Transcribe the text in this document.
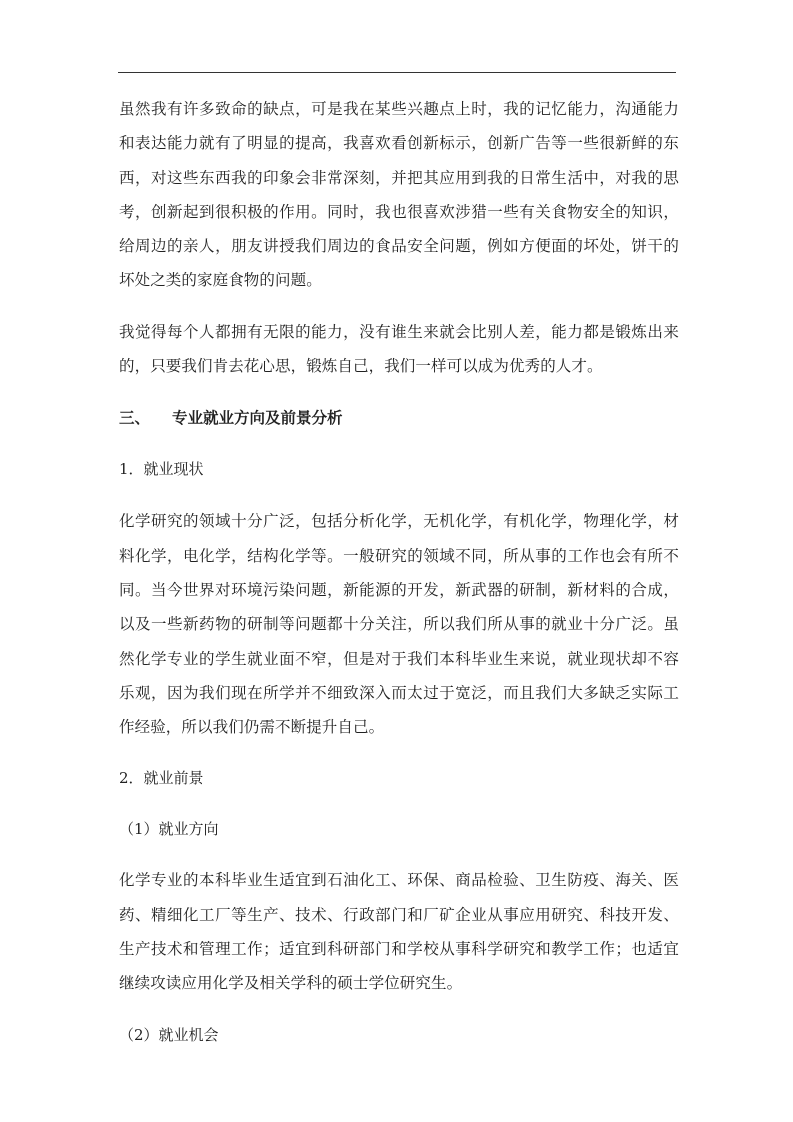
虽然我有许多致命的缺点，可是我在某些兴趣点上时，我的记忆能力，沟通能力和表达能力就有了明显的提高，我喜欢看创新标示，创新广告等一些很新鲜的东西，对这些东西我的印象会非常深刻，并把其应用到我的日常生活中，对我的思考，创新起到很积极的作用。同时，我也很喜欢涉猎一些有关食物安全的知识，给周边的亲人，朋友讲授我们周边的食品安全问题，例如方便面的坏处，饼干的坏处之类的家庭食物的问题。

我觉得每个人都拥有无限的能力，没有谁生来就会比别人差，能力都是锻炼出来的，只要我们肯去花心思，锻炼自己，我们一样可以成为优秀的人才。

三、 专业就业方向及前景分析

1．就业现状

化学研究的领域十分广泛，包括分析化学，无机化学，有机化学，物理化学，材料化学，电化学，结构化学等。一般研究的领域不同，所从事的工作也会有所不同。当今世界对环境污染问题，新能源的开发，新武器的研制，新材料的合成，以及一些新药物的研制等问题都十分关注，所以我们所从事的就业十分广泛。虽然化学专业的学生就业面不窄，但是对于我们本科毕业生来说，就业现状却不容乐观，因为我们现在所学并不细致深入而太过于宽泛，而且我们大多缺乏实际工作经验，所以我们仍需不断提升自己。

2．就业前景

（1）就业方向

化学专业的本科毕业生适宜到石油化工、环保、商品检验、卫生防疫、海关、医药、精细化工厂等生产、技术、行政部门和厂矿企业从事应用研究、科技开发、生产技术和管理工作；适宜到科研部门和学校从事科学研究和教学工作；也适宜继续攻读应用化学及相关学科的硕士学位研究生。

（2）就业机会
